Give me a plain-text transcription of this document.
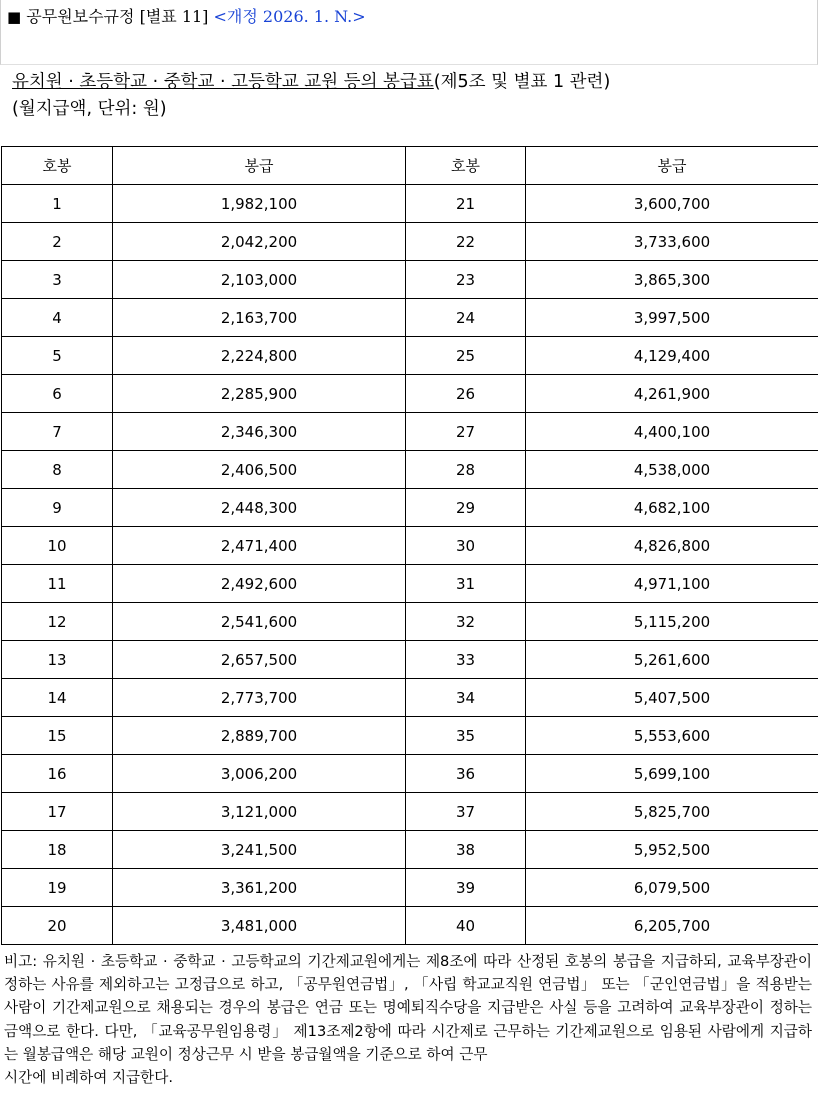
■ 공무원보수규정 [별표 11] <개정 2026. 1. N.>
유치원 · 초등학교 · 중학교 · 고등학교 교원 등의 봉급표(제5조 및 별표 1 관련)
(월지급액, 단위: 원)
호봉	봉급	호봉	봉급
1	1,982,100	21	3,600,700
2	2,042,200	22	3,733,600
3	2,103,000	23	3,865,300
4	2,163,700	24	3,997,500
5	2,224,800	25	4,129,400
6	2,285,900	26	4,261,900
7	2,346,300	27	4,400,100
8	2,406,500	28	4,538,000
9	2,448,300	29	4,682,100
10	2,471,400	30	4,826,800
11	2,492,600	31	4,971,100
12	2,541,600	32	5,115,200
13	2,657,500	33	5,261,600
14	2,773,700	34	5,407,500
15	2,889,700	35	5,553,600
16	3,006,200	36	5,699,100
17	3,121,000	37	5,825,700
18	3,241,500	38	5,952,500
19	3,361,200	39	6,079,500
20	3,481,000	40	6,205,700
비고: 유치원 · 초등학교 · 중학교 · 고등학교의 기간제교원에게는 제8조에 따라 산정된 호봉의 봉급을 지급하되, 교육부장관이 정하는 사유를 제외하고는 고정급으로 하고, 「공무원연금법」, 「사립 학교교직원 연금법」 또는 「군인연금법」을 적용받는 사람이 기간제교원으로 채용되는 경우의 봉급은 연금 또는 명예퇴직수당을 지급받은 사실 등을 고려하여 교육부장관이 정하는 금액으로 한다. 다만, 「교육공무원임용령」 제13조제2항에 따라 시간제로 근무하는 기간제교원으로 임용된 사람에게 지급하는 월봉급액은 해당 교원이 정상근무 시 받을 봉급월액을 기준으로 하여 근무
시간에 비례하여 지급한다.
